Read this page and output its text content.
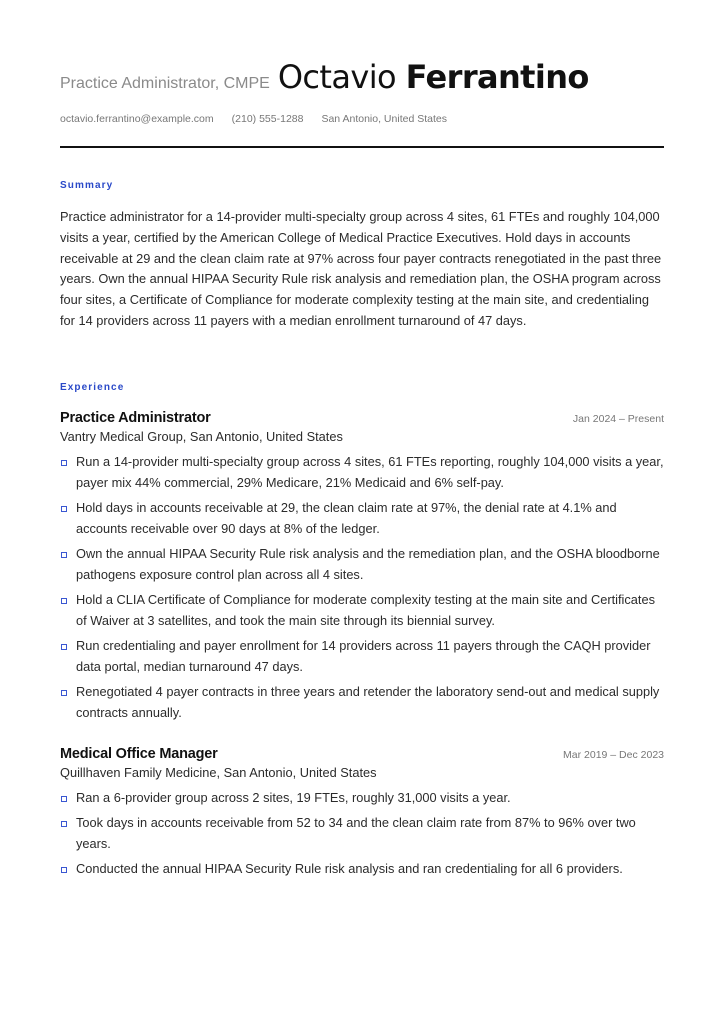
Practice Administrator, CMPE Octavio Ferrantino
octavio.ferrantino@example.com (210) 555-1288 San Antonio, United States
Summary

Practice administrator for a 14-provider multi-specialty group across 4 sites, 61 FTEs and roughly 104,000 visits a year, certified by the American College of Medical Practice Executives. Hold days in accounts receivable at 29 and the clean claim rate at 97% across four payer contracts renegotiated in the past three years. Own the annual HIPAA Security Rule risk analysis and remediation plan, the OSHA program across four sites, a Certificate of Compliance for moderate complexity testing at the main site, and credentialing for 14 providers across 11 payers with a median enrollment turnaround of 47 days.

Experience
Practice Administrator	Jan 2024 – Present
Vantry Medical Group, San Antonio, United States
Run a 14-provider multi-specialty group across 4 sites, 61 FTEs reporting, roughly 104,000 visits a year, payer mix 44% commercial, 29% Medicare, 21% Medicaid and 6% self-pay.
Hold days in accounts receivable at 29, the clean claim rate at 97%, the denial rate at 4.1% and accounts receivable over 90 days at 8% of the ledger.
Own the annual HIPAA Security Rule risk analysis and the remediation plan, and the OSHA bloodborne pathogens exposure control plan across all 4 sites.
Hold a CLIA Certificate of Compliance for moderate complexity testing at the main site and Certificates of Waiver at 3 satellites, and took the main site through its biennial survey.
Run credentialing and payer enrollment for 14 providers across 11 payers through the CAQH provider data portal, median turnaround 47 days.
Renegotiated 4 payer contracts in three years and retender the laboratory send-out and medical supply contracts annually.
Medical Office Manager	Mar 2019 – Dec 2023
Quillhaven Family Medicine, San Antonio, United States
Ran a 6-provider group across 2 sites, 19 FTEs, roughly 31,000 visits a year.
Took days in accounts receivable from 52 to 34 and the clean claim rate from 87% to 96% over two years.
Conducted the annual HIPAA Security Rule risk analysis and ran credentialing for all 6 providers.
